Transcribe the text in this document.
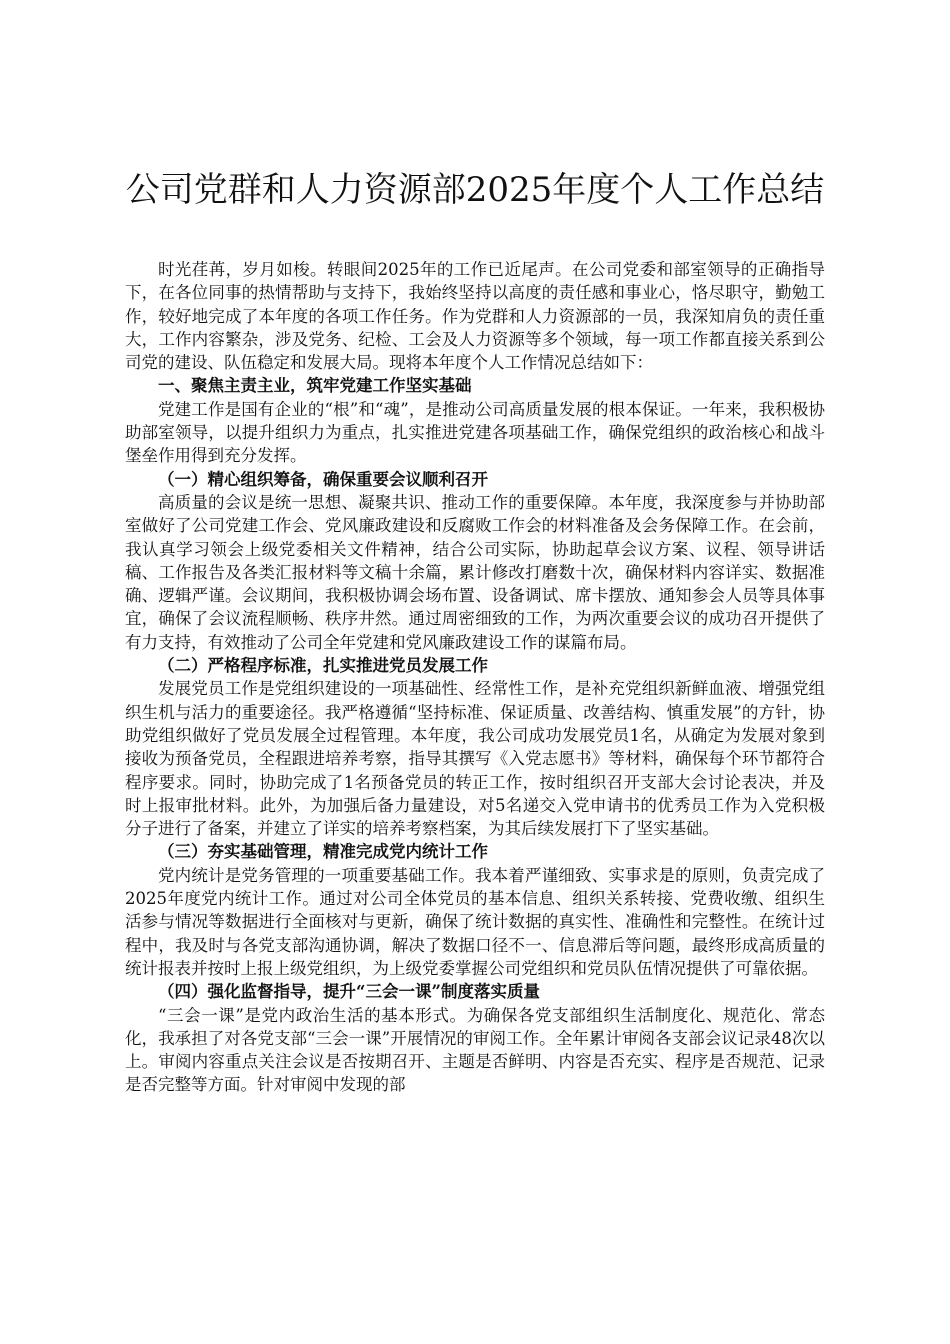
公司党群和人力资源部2025年度个人工作总结

时光荏苒，岁月如梭。转眼间2025年的工作已近尾声。在公司党委和部室领导的正确指导下，在各位同事的热情帮助与支持下，我始终坚持以高度的责任感和事业心，恪尽职守，勤勉工作，较好地完成了本年度的各项工作任务。作为党群和人力资源部的一员，我深知肩负的责任重大，工作内容繁杂，涉及党务、纪检、工会及人力资源等多个领域，每一项工作都直接关系到公司党的建设、队伍稳定和发展大局。现将本年度个人工作情况总结如下：

一、聚焦主责主业，筑牢党建工作坚实基础

党建工作是国有企业的“根”和“魂”，是推动公司高质量发展的根本保证。一年来，我积极协助部室领导，以提升组织力为重点，扎实推进党建各项基础工作，确保党组织的政治核心和战斗堡垒作用得到充分发挥。

（一）精心组织筹备，确保重要会议顺利召开

高质量的会议是统一思想、凝聚共识、推动工作的重要保障。本年度，我深度参与并协助部室做好了公司党建工作会、党风廉政建设和反腐败工作会的材料准备及会务保障工作。在会前，我认真学习领会上级党委相关文件精神，结合公司实际，协助起草会议方案、议程、领导讲话稿、工作报告及各类汇报材料等文稿十余篇，累计修改打磨数十次，确保材料内容详实、数据准确、逻辑严谨。会议期间，我积极协调会场布置、设备调试、席卡摆放、通知参会人员等具体事宜，确保了会议流程顺畅、秩序井然。通过周密细致的工作，为两次重要会议的成功召开提供了有力支持，有效推动了公司全年党建和党风廉政建设工作的谋篇布局。

（二）严格程序标准，扎实推进党员发展工作

发展党员工作是党组织建设的一项基础性、经常性工作，是补充党组织新鲜血液、增强党组织生机与活力的重要途径。我严格遵循“坚持标准、保证质量、改善结构、慎重发展”的方针，协助党组织做好了党员发展全过程管理。本年度，我公司成功发展党员1名，从确定为发展对象到接收为预备党员，全程跟进培养考察，指导其撰写《入党志愿书》等材料，确保每个环节都符合程序要求。同时，协助完成了1名预备党员的转正工作，按时组织召开支部大会讨论表决，并及时上报审批材料。此外，为加强后备力量建设，对5名递交入党申请书的优秀员工作为入党积极分子进行了备案，并建立了详实的培养考察档案，为其后续发展打下了坚实基础。

（三）夯实基础管理，精准完成党内统计工作

党内统计是党务管理的一项重要基础工作。我本着严谨细致、实事求是的原则，负责完成了2025年度党内统计工作。通过对公司全体党员的基本信息、组织关系转接、党费收缴、组织生活参与情况等数据进行全面核对与更新，确保了统计数据的真实性、准确性和完整性。在统计过程中，我及时与各党支部沟通协调，解决了数据口径不一、信息滞后等问题，最终形成高质量的统计报表并按时上报上级党组织，为上级党委掌握公司党组织和党员队伍情况提供了可靠依据。

（四）强化监督指导，提升“三会一课”制度落实质量

“三会一课”是党内政治生活的基本形式。为确保各党支部组织生活制度化、规范化、常态化，我承担了对各党支部“三会一课”开展情况的审阅工作。全年累计审阅各支部会议记录48次以上。审阅内容重点关注会议是否按期召开、主题是否鲜明、内容是否充实、程序是否规范、记录是否完整等方面。针对审阅中发现的部
